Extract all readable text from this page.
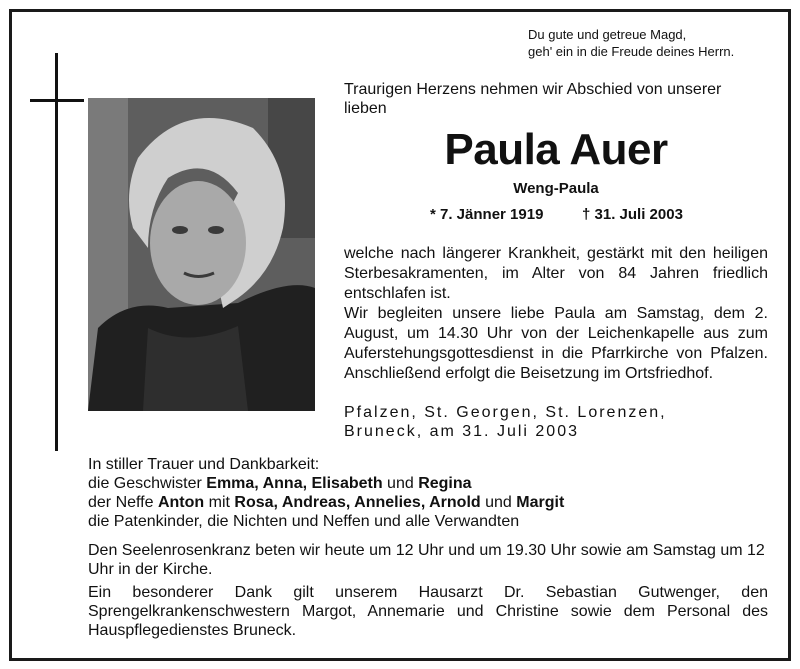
Du gute und getreue Magd,
geh' ein in die Freude deines Herrn.
Traurigen Herzens nehmen wir Abschied von unserer lieben
Paula Auer
Weng-Paula
* 7. Jänner 1919	† 31. Juli 2003
welche nach längerer Krankheit, gestärkt mit den heiligen Sterbesakramenten, im Alter von 84 Jahren friedlich entschlafen ist.
Wir begleiten unsere liebe Paula am Samstag, dem 2. August, um 14.30 Uhr von der Leichenkapelle aus zum Auferstehungsgottesdienst in die Pfarrkirche von Pfalzen. Anschließend erfolgt die Beisetzung im Ortsfriedhof.
Pfalzen, St. Georgen, St. Lorenzen,
Bruneck, am 31. Juli 2003
In stiller Trauer und Dankbarkeit:
die Geschwister Emma, Anna, Elisabeth und Regina
der Neffe Anton mit Rosa, Andreas, Annelies, Arnold und Margit
die Patenkinder, die Nichten und Neffen und alle Verwandten
Den Seelenrosenkranz beten wir heute um 12 Uhr und um 19.30 Uhr sowie am Samstag um 12 Uhr in der Kirche.
Ein besonderer Dank gilt unserem Hausarzt Dr. Sebastian Gutwenger, den Sprengelkrankenschwestern Margot, Annemarie und Christine sowie dem Personal des Hauspflegedienstes Bruneck.
